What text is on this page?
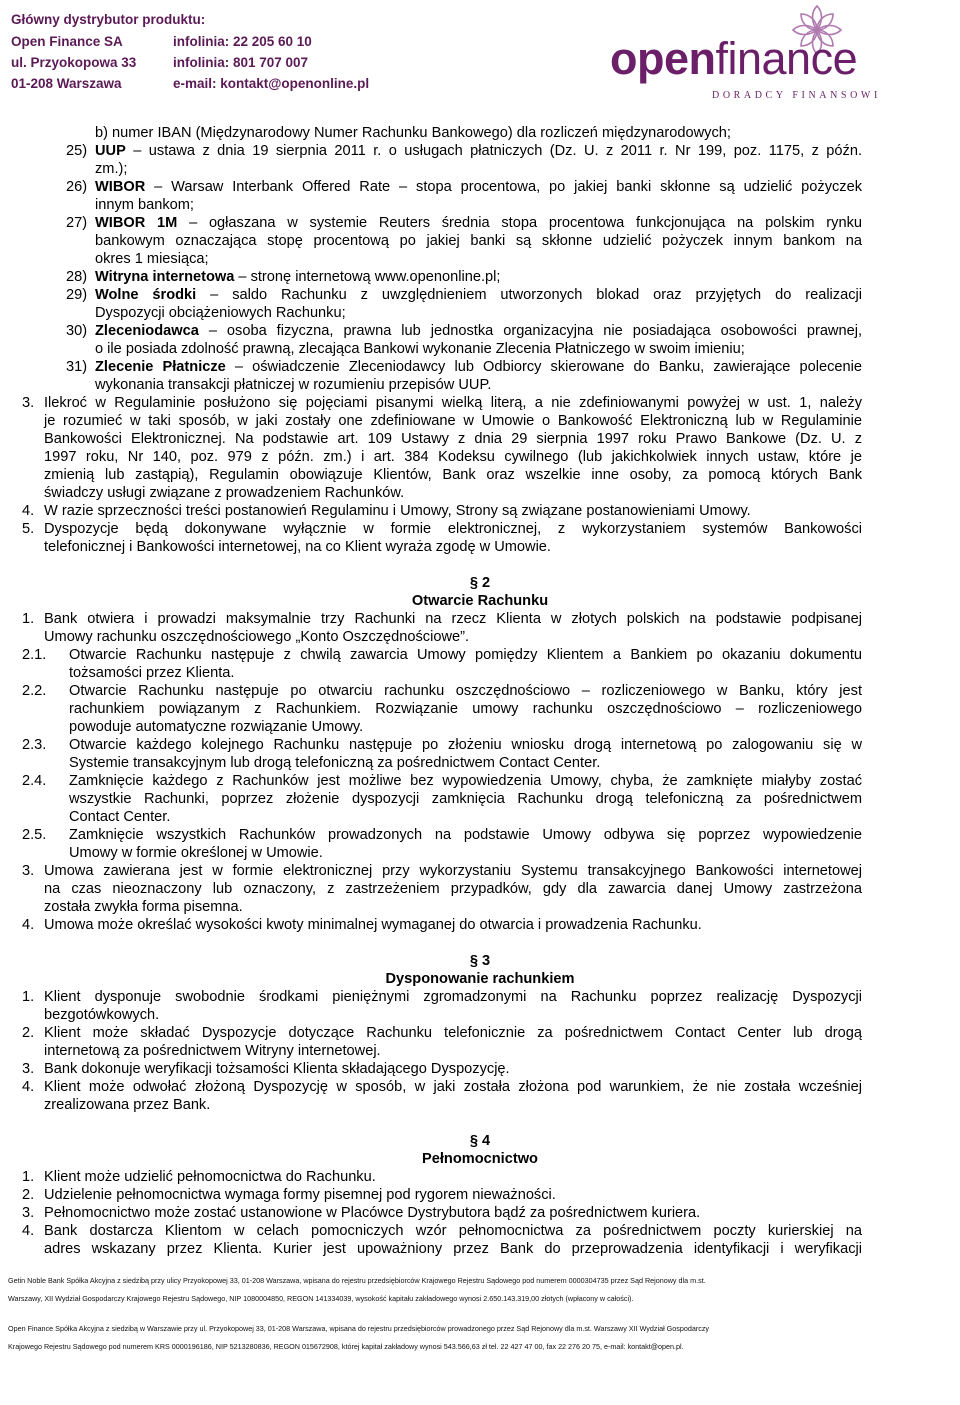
Główny dystrybutor produktu:
Open Finance SA	infolinia: 22 205 60 10
ul. Przyokopowa 33	infolinia: 801 707 007
01-208 Warszawa	e-mail: kontakt@openonline.pl	openfinance
DORADCY FINANSOWI
b) numer IBAN (Międzynarodowy Numer Rachunku Bankowego) dla rozliczeń międzynarodowych;
25) UUP – ustawa z dnia 19 sierpnia 2011 r. o usługach płatniczych (Dz. U. z 2011 r. Nr 199, poz. 1175, z późn.
zm.);
26) WIBOR – Warsaw Interbank Offered Rate – stopa procentowa, po jakiej banki skłonne są udzielić pożyczek
innym bankom;
27) WIBOR 1M – ogłaszana w systemie Reuters średnia stopa procentowa funkcjonująca na polskim rynku
bankowym oznaczająca stopę procentową po jakiej banki są skłonne udzielić pożyczek innym bankom na
okres 1 miesiąca;
28) Witryna internetowa – stronę internetową www.openonline.pl;
29) Wolne środki – saldo Rachunku z uwzględnieniem utworzonych blokad oraz przyjętych do realizacji
Dyspozycji obciążeniowych Rachunku;
30) Zleceniodawca – osoba fizyczna, prawna lub jednostka organizacyjna nie posiadająca osobowości prawnej,
o ile posiada zdolność prawną, zlecająca Bankowi wykonanie Zlecenia Płatniczego w swoim imieniu;
31) Zlecenie Płatnicze – oświadczenie Zleceniodawcy lub Odbiorcy skierowane do Banku, zawierające polecenie
wykonania transakcji płatniczej w rozumieniu przepisów UUP.
3. Ilekroć w Regulaminie posłużono się pojęciami pisanymi wielką literą, a nie zdefiniowanymi powyżej w ust. 1, należy
je rozumieć w taki sposób, w jaki zostały one zdefiniowane w Umowie o Bankowość Elektroniczną lub w Regulaminie
Bankowości Elektronicznej. Na podstawie art. 109 Ustawy z dnia 29 sierpnia 1997 roku Prawo Bankowe (Dz. U. z
1997 roku, Nr 140, poz. 979 z późn. zm.) i art. 384 Kodeksu cywilnego (lub jakichkolwiek innych ustaw, które je
zmienią lub zastąpią), Regulamin obowiązuje Klientów, Bank oraz wszelkie inne osoby, za pomocą których Bank
świadczy usługi związane z prowadzeniem Rachunków.
4. W razie sprzeczności treści postanowień Regulaminu i Umowy, Strony są związane postanowieniami Umowy.
5. Dyspozycje będą dokonywane wyłącznie w formie elektronicznej, z wykorzystaniem systemów Bankowości
telefonicznej i Bankowości internetowej, na co Klient wyraża zgodę w Umowie.
§ 2
Otwarcie Rachunku
1. Bank otwiera i prowadzi maksymalnie trzy Rachunki na rzecz Klienta w złotych polskich na podstawie podpisanej
Umowy rachunku oszczędnościowego „Konto Oszczędnościowe”.
2.1. Otwarcie Rachunku następuje z chwilą zawarcia Umowy pomiędzy Klientem a Bankiem po okazaniu dokumentu
tożsamości przez Klienta.
2.2. Otwarcie Rachunku następuje po otwarciu rachunku oszczędnościowo – rozliczeniowego w Banku, który jest
rachunkiem powiązanym z Rachunkiem. Rozwiązanie umowy rachunku oszczędnościowo – rozliczeniowego
powoduje automatyczne rozwiązanie Umowy.
2.3. Otwarcie każdego kolejnego Rachunku następuje po złożeniu wniosku drogą internetową po zalogowaniu się w
Systemie transakcyjnym lub drogą telefoniczną za pośrednictwem Contact Center.
2.4. Zamknięcie każdego z Rachunków jest możliwe bez wypowiedzenia Umowy, chyba, że zamknięte miałyby zostać
wszystkie Rachunki, poprzez złożenie dyspozycji zamknięcia Rachunku drogą telefoniczną za pośrednictwem
Contact Center.
2.5. Zamknięcie wszystkich Rachunków prowadzonych na podstawie Umowy odbywa się poprzez wypowiedzenie
Umowy w formie określonej w Umowie.
3. Umowa zawierana jest w formie elektronicznej przy wykorzystaniu Systemu transakcyjnego Bankowości internetowej
na czas nieoznaczony lub oznaczony, z zastrzeżeniem przypadków, gdy dla zawarcia danej Umowy zastrzeżona
została zwykła forma pisemna.
4. Umowa może określać wysokości kwoty minimalnej wymaganej do otwarcia i prowadzenia Rachunku.
§ 3
Dysponowanie rachunkiem
1. Klient dysponuje swobodnie środkami pieniężnymi zgromadzonymi na Rachunku poprzez realizację Dyspozycji
bezgotówkowych.
2. Klient może składać Dyspozycje dotyczące Rachunku telefonicznie za pośrednictwem Contact Center lub drogą
internetową za pośrednictwem Witryny internetowej.
3. Bank dokonuje weryfikacji tożsamości Klienta składającego Dyspozycję.
4. Klient może odwołać złożoną Dyspozycję w sposób, w jaki została złożona pod warunkiem, że nie została wcześniej
zrealizowana przez Bank.
§ 4
Pełnomocnictwo
1. Klient może udzielić pełnomocnictwa do Rachunku.
2. Udzielenie pełnomocnictwa wymaga formy pisemnej pod rygorem nieważności.
3. Pełnomocnictwo może zostać ustanowione w Placówce Dystrybutora bądź za pośrednictwem kuriera.
4. Bank dostarcza Klientom w celach pomocniczych wzór pełnomocnictwa za pośrednictwem poczty kurierskiej na
adres wskazany przez Klienta. Kurier jest upoważniony przez Bank do przeprowadzenia identyfikacji i weryfikacji
Getin Noble Bank Spółka Akcyjna z siedzibą przy ulicy Przyokopowej 33, 01-208 Warszawa, wpisana do rejestru przedsiębiorców Krajowego Rejestru Sądowego pod numerem 0000304735 przez Sąd Rejonowy dla m.st.
Warszawy, XII Wydział Gospodarczy Krajowego Rejestru Sądowego, NIP 1080004850, REGON 141334039, wysokość kapitału zakładowego wynosi 2.650.143.319,00 złotych (wpłacony w całości).
Open Finance Spółka Akcyjna z siedzibą w Warszawie przy ul. Przyokopowej 33, 01-208 Warszawa, wpisana do rejestru przedsiębiorców prowadzonego przez Sąd Rejonowy dla m.st. Warszawy XII Wydział Gospodarczy
Krajowego Rejestru Sądowego pod numerem KRS 0000196186, NIP 5213280836, REGON 015672908, której kapitał zakładowy wynosi 543.566,63 zł tel. 22 427 47 00, fax 22 276 20 75, e-mail: kontakt@open.pl.
